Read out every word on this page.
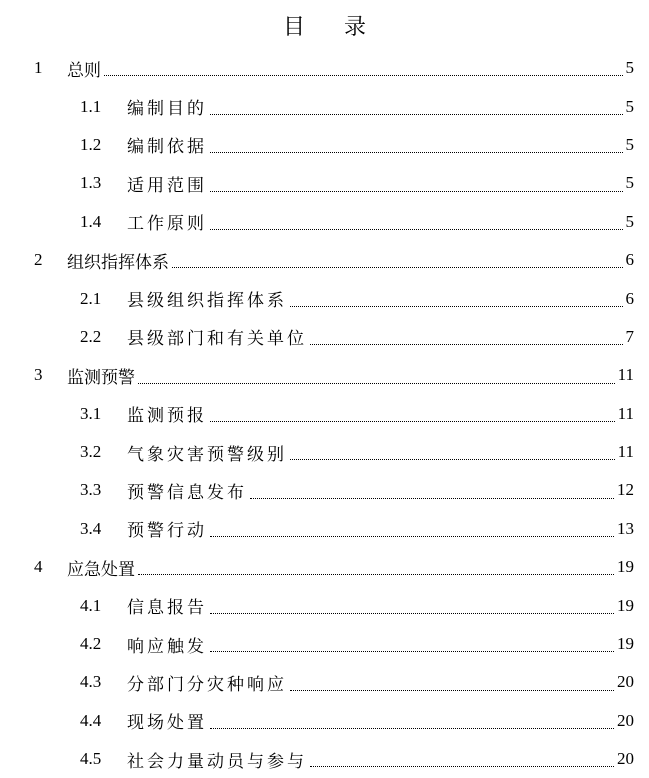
目 录
1	总则	5
1.1	编制目的	5
1.2	编制依据	5
1.3	适用范围	5
1.4	工作原则	5
2	组织指挥体系	6
2.1	县级组织指挥体系	6
2.2	县级部门和有关单位	7
3	监测预警	11
3.1	监测预报	11
3.2	气象灾害预警级别	11
3.3	预警信息发布	12
3.4	预警行动	13
4	应急处置	19
4.1	信息报告	19
4.2	响应触发	19
4.3	分部门分灾种响应	20
4.4	现场处置	20
4.5	社会力量动员与参与	20
